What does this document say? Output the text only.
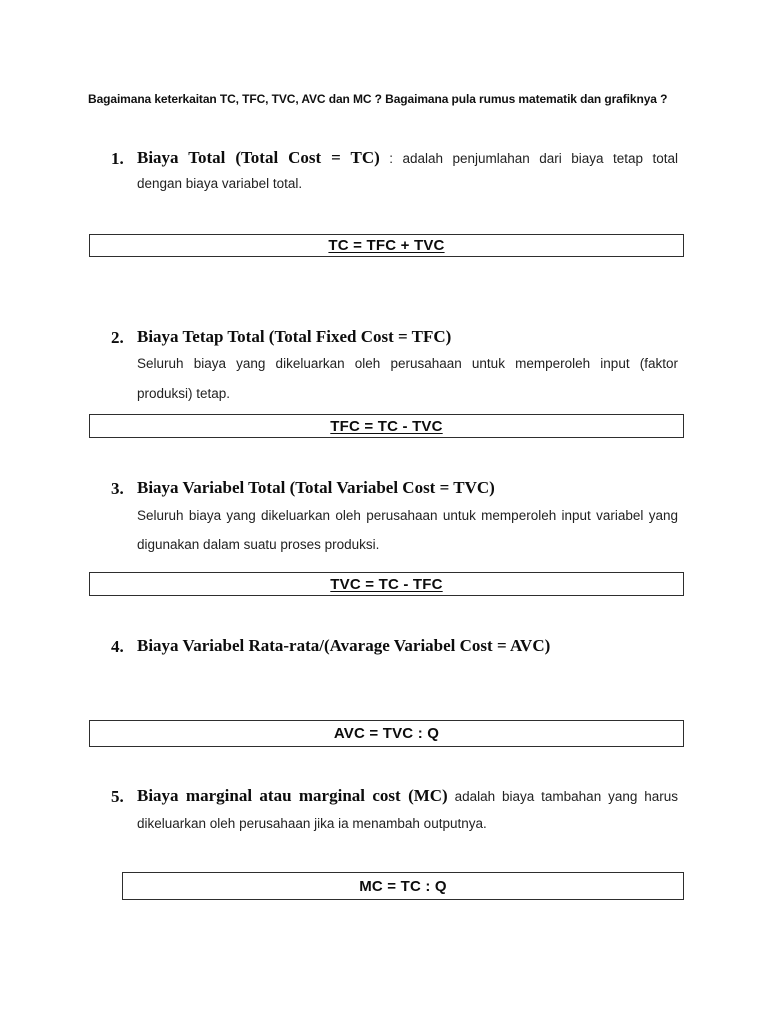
Bagaimana keterkaitan TC, TFC, TVC, AVC dan MC ? Bagaimana pula rumus matematik dan grafiknya ?
1. Biaya Total (Total Cost = TC) : adalah penjumlahan dari biaya tetap total
dengan biaya variabel total.
TC = TFC + TVC
2. Biaya Tetap Total (Total Fixed Cost = TFC)
Seluruh biaya yang dikeluarkan oleh perusahaan untuk memperoleh input (faktor
produksi) tetap.
TFC = TC - TVC
3. Biaya Variabel Total (Total Variabel Cost = TVC)
Seluruh biaya yang dikeluarkan oleh perusahaan untuk memperoleh input variabel yang
digunakan dalam suatu proses produksi.
TVC = TC - TFC
4. Biaya Variabel Rata-rata/(Avarage Variabel Cost = AVC)
AVC = TVC : Q
5. Biaya marginal atau marginal cost (MC) adalah biaya tambahan yang harus
dikeluarkan oleh perusahaan jika ia menambah outputnya.
MC = TC : Q
